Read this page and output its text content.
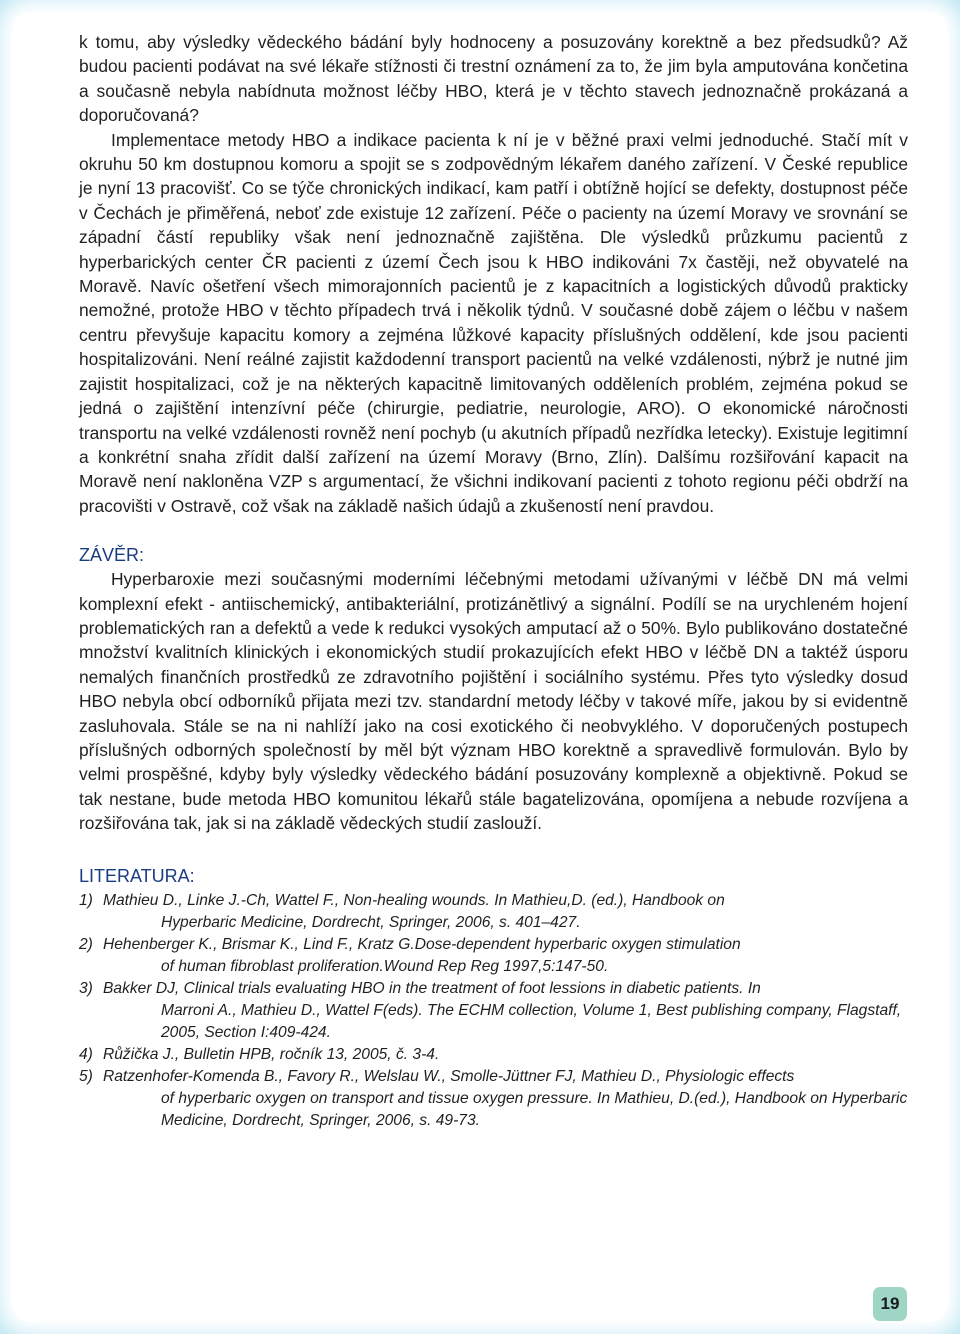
k tomu, aby výsledky vědeckého bádání byly hodnoceny a posuzovány korektně a bez předsudků? Až budou pacienti podávat na své lékaře stížnosti či trestní oznámení za to, že jim byla amputována končetina a současně nebyla nabídnuta možnost léčby HBO, která je v těchto stavech jednoznačně prokázaná a doporučovaná?

Implementace metody HBO a indikace pacienta k ní je v běžné praxi velmi jednoduché. Stačí mít v okruhu 50 km dostupnou komoru a spojit se s zodpovědným lékařem daného zařízení. V České republice je nyní 13 pracovišť. Co se týče chronických indikací, kam patří i obtížně hojící se defekty, dostupnost péče v Čechách je přiměřená, neboť zde existuje 12 zařízení. Péče o pacienty na území Moravy ve srovnání se západní částí republiky však není jednoznačně zajištěna. Dle výsledků průzkumu pacientů z hyperbarických center ČR pacienti z území Čech jsou k HBO indikováni 7x častěji, než obyvatelé na Moravě. Navíc ošetření všech mimorajonních pacientů je z kapacitních a logistických důvodů prakticky nemožné, protože HBO v těchto případech trvá i několik týdnů. V současné době zájem o léčbu v našem centru převyšuje kapacitu komory a zejména lůžkové kapacity příslušných oddělení, kde jsou pacienti hospitalizováni. Není reálné zajistit každodenní transport pacientů na velké vzdálenosti, nýbrž je nutné jim zajistit hospitalizaci, což je na některých kapacitně limitovaných odděleních problém, zejména pokud se jedná o zajištění intenzívní péče (chirurgie, pediatrie, neurologie, ARO). O ekonomické náročnosti transportu na velké vzdálenosti rovněž není pochyb (u akutních případů nezřídka letecky). Existuje legitimní a konkrétní snaha zřídit další zařízení na území Moravy (Brno, Zlín). Dalšímu rozšiřování kapacit na Moravě není nakloněna VZP s argumentací, že všichni indikovaní pacienti z tohoto regionu péči obdrží na pracovišti v Ostravě, což však na základě našich údajů a zkušeností není pravdou.

ZÁVĚR:

Hyperbaroxie mezi současnými moderními léčebnými metodami užívanými v léčbě DN má velmi komplexní efekt - antiischemický, antibakteriální, protizánětlivý a signální. Podílí se na urychleném hojení problematických ran a defektů a vede k redukci vysokých amputací až o 50%. Bylo publikováno dostatečné množství kvalitních klinických i ekonomických studií prokazujících efekt HBO v léčbě DN a taktéž úsporu nemalých finančních prostředků ze zdravotního pojištění i sociálního systému. Přes tyto výsledky dosud HBO nebyla obcí odborníků přijata mezi tzv. standardní metody léčby v takové míře, jakou by si evidentně zasluhovala. Stále se na ni nahlíží jako na cosi exotického či neobvyklého. V doporučených postupech příslušných odborných společností by měl být význam HBO korektně a spravedlivě formulován. Bylo by velmi prospěšné, kdyby byly výsledky vědeckého bádání posuzovány komplexně a objektivně. Pokud se tak nestane, bude metoda HBO komunitou lékařů stále bagatelizována, opomíjena a nebude rozvíjena a rozšiřována tak, jak si na základě vědeckých studií zaslouží.

LITERATURA:
1) Mathieu D., Linke J.-Ch, Wattel F., Non-healing wounds. In Mathieu,D. (ed.), Handbook on
Hyperbaric Medicine, Dordrecht, Springer, 2006, s. 401–427.
2) Hehenberger K., Brismar K., Lind F., Kratz G.Dose-dependent hyperbaric oxygen stimulation
of human fibroblast proliferation.Wound Rep Reg 1997,5:147-50.
3) Bakker DJ, Clinical trials evaluating HBO in the treatment of foot lessions in diabetic patients. In
Marroni A., Mathieu D., Wattel F(eds). The ECHM collection, Volume 1, Best publishing company, Flagstaff, 2005, Section I:409-424.
4) Růžička J., Bulletin HPB, ročník 13, 2005, č. 3-4.
5) Ratzenhofer-Komenda B., Favory R., Welslau W., Smolle-Jüttner FJ, Mathieu D., Physiologic effects
of hyperbaric oxygen on transport and tissue oxygen pressure. In Mathieu, D.(ed.), Handbook on Hyperbaric Medicine, Dordrecht, Springer, 2006, s. 49-73.
19
